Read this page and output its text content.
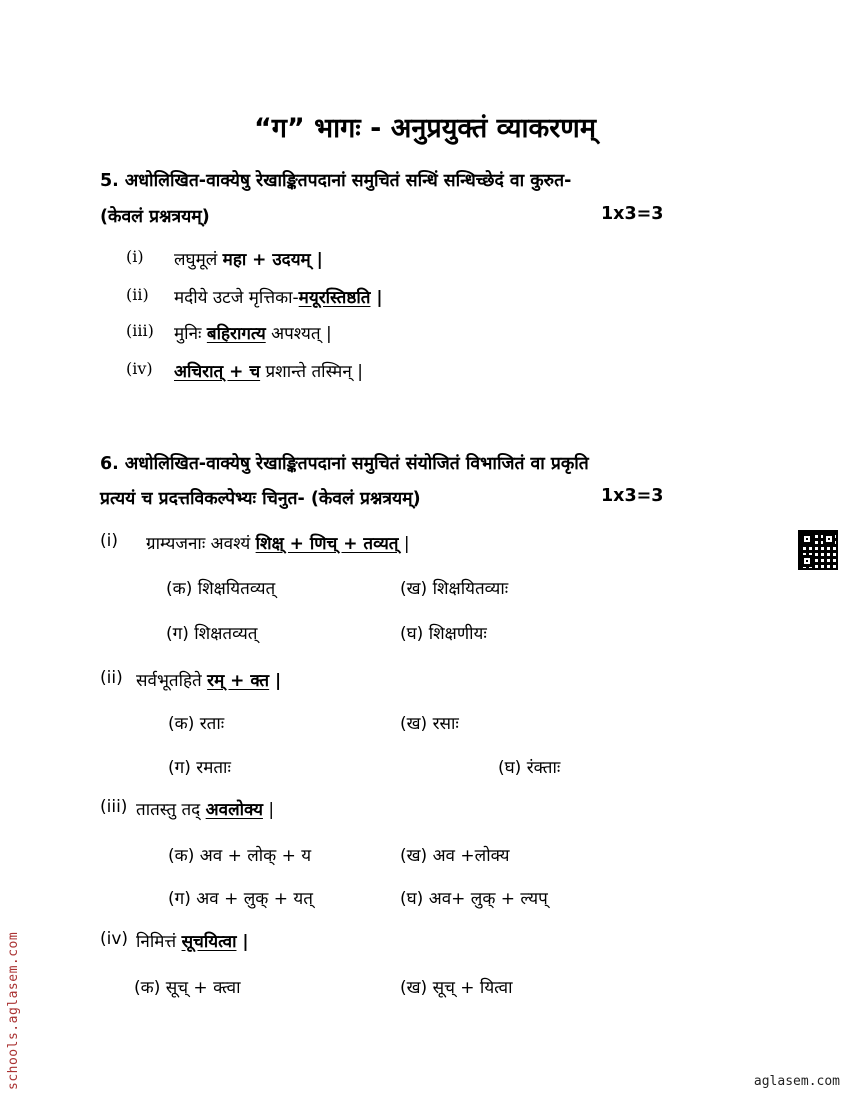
“ग” भागः - अनुप्रयुक्तं व्याकरणम्
5. अधोलिखित-वाक्येषु रेखाङ्कितपदानां समुचितं सन्धिं सन्धिच्छेदं वा कुरुत-
(केवलं प्रश्नत्रयम्)	1x3=3
(i) लघुमूलं महा + उदयम् |
(ii) मदीये उटजे मृत्तिका-मयूरस्तिष्ठति |
(iii) मुनिः बहिरागत्य अपश्यत् |
(iv) अचिरात् + च प्रशान्ते तस्मिन् |
6. अधोलिखित-वाक्येषु रेखाङ्कितपदानां समुचितं संयोजितं विभाजितं वा प्रकृति
प्रत्ययं च प्रदत्तविकल्पेभ्यः चिनुत- (केवलं प्रश्नत्रयम्)	1x3=3
(i) ग्राम्यजनाः अवश्यं शिक्ष् + णिच् + तव्यत् |
(क) शिक्षयितव्यत्	(ख) शिक्षयितव्याः
(ग) शिक्षतव्यत्	(घ) शिक्षणीयः
(ii) सर्वभूतहिते रम् + क्त |
(क) रताः	(ख) रसाः
(ग) रमताः	(घ) रंक्ताः
(iii) तातस्तु तद् अवलोक्य |
(क) अव + लोक् + य	(ख) अव +लोक्य
(ग) अव + लुक् + यत्	(घ) अव+ लुक् + ल्यप्
(iv) निमित्तं सूचयित्वा |
(क) सूच् + क्त्वा	(ख) सूच् + यित्वा
schools.aglasem.com	aglasem.com
